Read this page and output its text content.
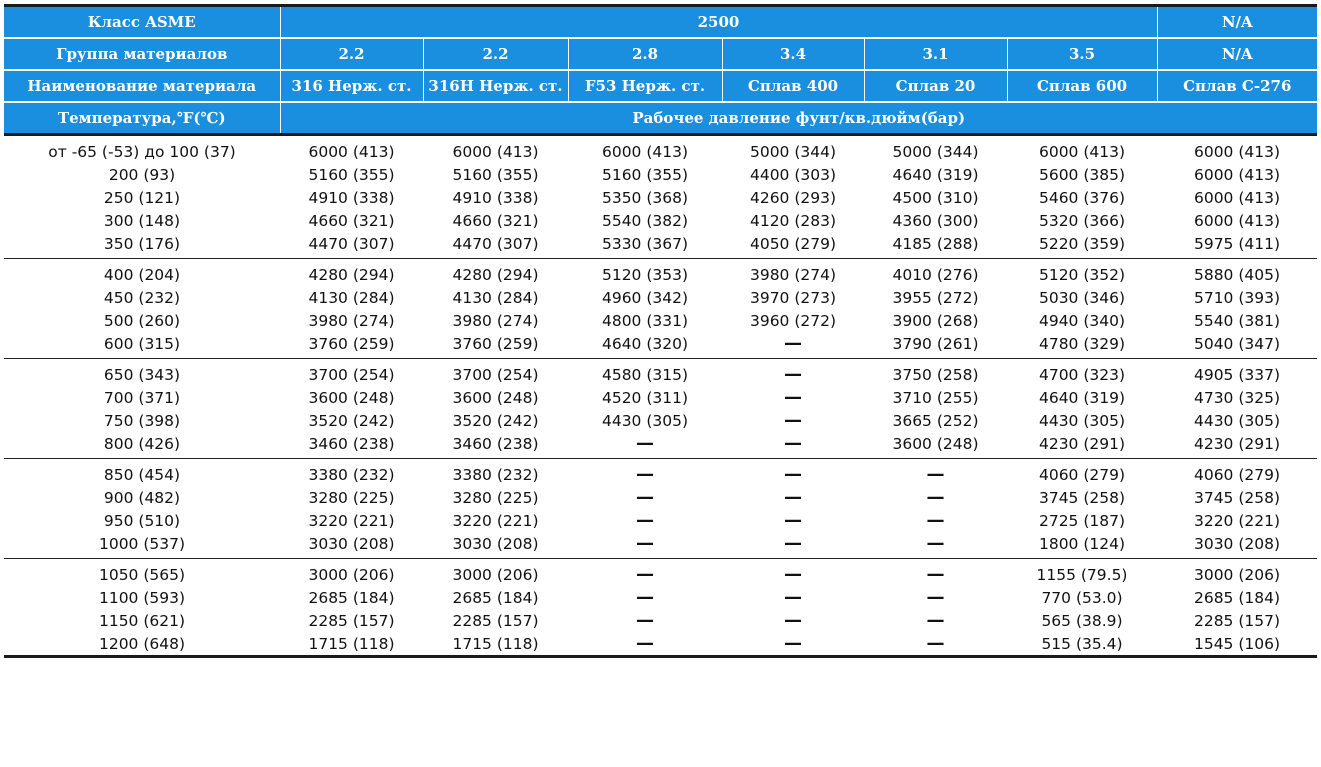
Класс ASME	2500						N/A
Группа материалов	2.2	2.2	2.8	3.4	3.1	3.5	N/A
Наименование материала	316 Нерж. ст.	316H Нерж. ст.	F53 Нерж. ст.	Сплав 400	Сплав 20	Сплав 600	Сплав C-276
Температура,℉(℃)	Рабочее давление фунт/кв.дюйм(бар)						
от -65 (-53) до 100 (37)	6000 (413)	6000 (413)	6000 (413)	5000 (344)	5000 (344)	6000 (413)	6000 (413)
200 (93)	5160 (355)	5160 (355)	5160 (355)	4400 (303)	4640 (319)	5600 (385)	6000 (413)
250 (121)	4910 (338)	4910 (338)	5350 (368)	4260 (293)	4500 (310)	5460 (376)	6000 (413)
300 (148)	4660 (321)	4660 (321)	5540 (382)	4120 (283)	4360 (300)	5320 (366)	6000 (413)
350 (176)	4470 (307)	4470 (307)	5330 (367)	4050 (279)	4185 (288)	5220 (359)	5975 (411)
400 (204)	4280 (294)	4280 (294)	5120 (353)	3980 (274)	4010 (276)	5120 (352)	5880 (405)
450 (232)	4130 (284)	4130 (284)	4960 (342)	3970 (273)	3955 (272)	5030 (346)	5710 (393)
500 (260)	3980 (274)	3980 (274)	4800 (331)	3960 (272)	3900 (268)	4940 (340)	5540 (381)
600 (315)	3760 (259)	3760 (259)	4640 (320)	—	3790 (261)	4780 (329)	5040 (347)
650 (343)	3700 (254)	3700 (254)	4580 (315)	—	3750 (258)	4700 (323)	4905 (337)
700 (371)	3600 (248)	3600 (248)	4520 (311)	—	3710 (255)	4640 (319)	4730 (325)
750 (398)	3520 (242)	3520 (242)	4430 (305)	—	3665 (252)	4430 (305)	4430 (305)
800 (426)	3460 (238)	3460 (238)	—	—	3600 (248)	4230 (291)	4230 (291)
850 (454)	3380 (232)	3380 (232)	—	—	—	4060 (279)	4060 (279)
900 (482)	3280 (225)	3280 (225)	—	—	—	3745 (258)	3745 (258)
950 (510)	3220 (221)	3220 (221)	—	—	—	2725 (187)	3220 (221)
1000 (537)	3030 (208)	3030 (208)	—	—	—	1800 (124)	3030 (208)
1050 (565)	3000 (206)	3000 (206)	—	—	—	1155 (79.5)	3000 (206)
1100 (593)	2685 (184)	2685 (184)	—	—	—	770 (53.0)	2685 (184)
1150 (621)	2285 (157)	2285 (157)	—	—	—	565 (38.9)	2285 (157)
1200 (648)	1715 (118)	1715 (118)	—	—	—	515 (35.4)	1545 (106)
